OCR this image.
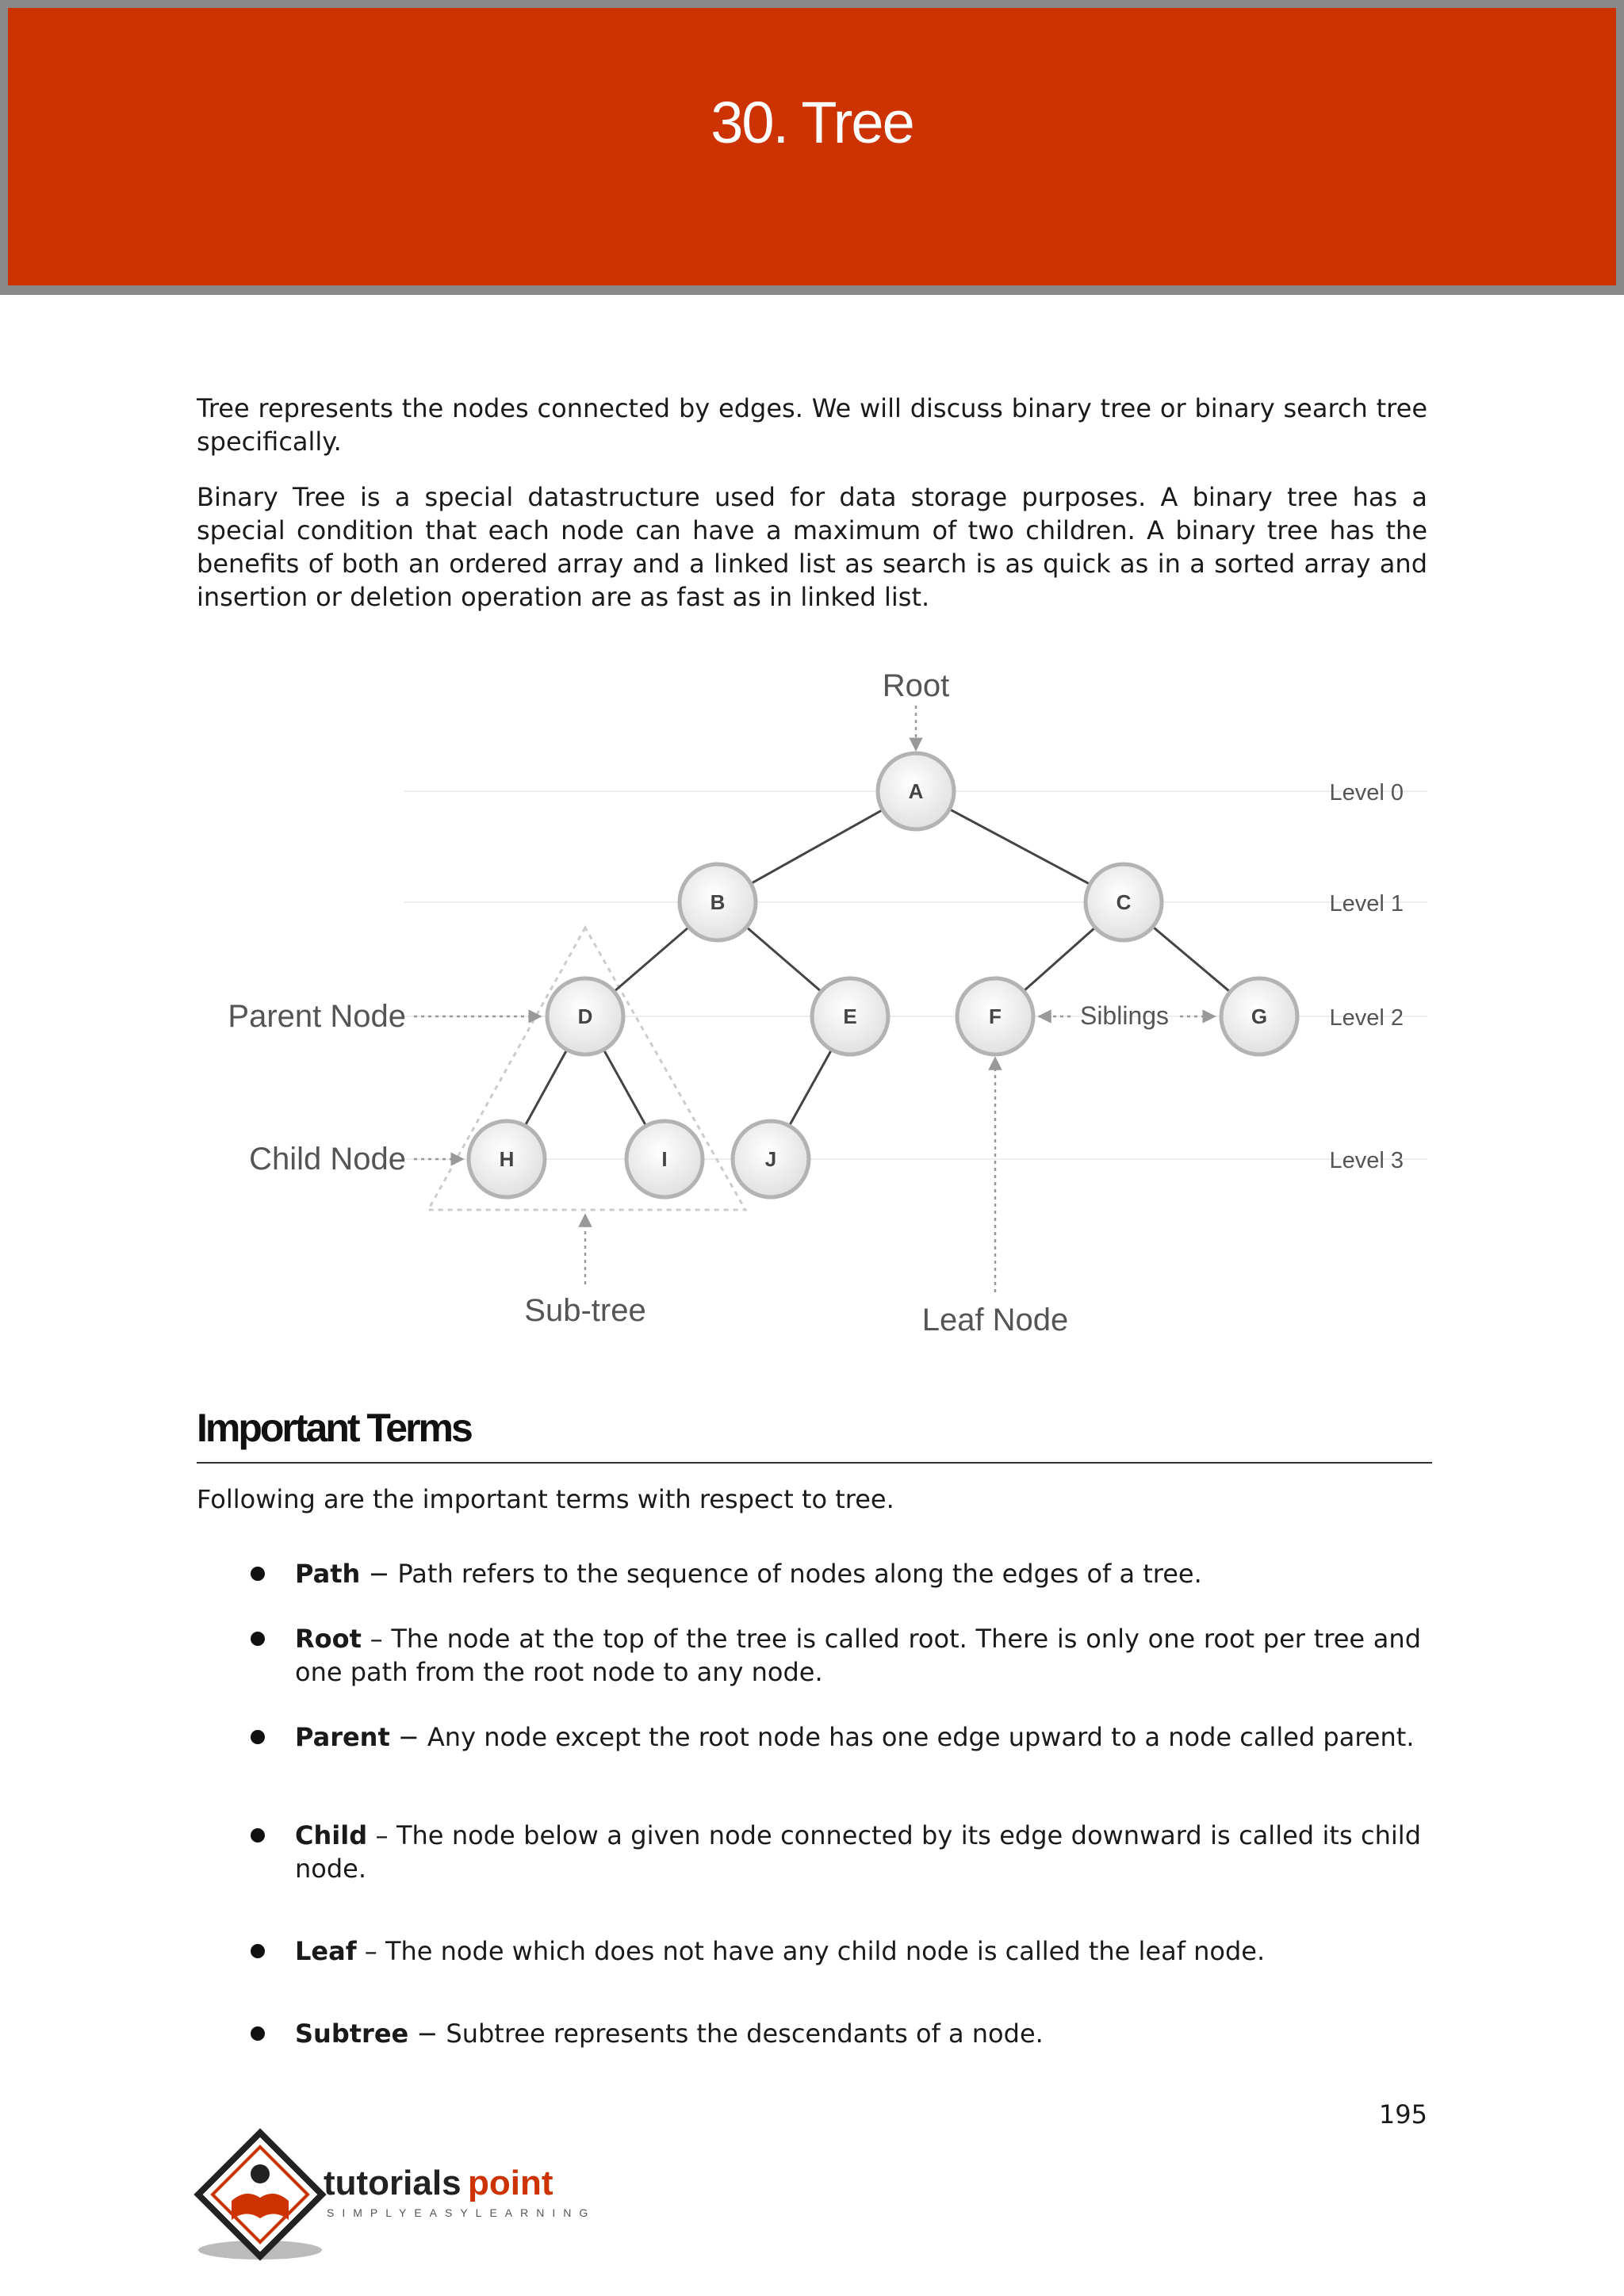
30. Tree

Tree represents the nodes connected by edges. We will discuss binary tree or binary search tree specifically.

Binary Tree is a special datastructure used for data storage purposes. A binary tree has a special condition that each node can have a maximum of two children. A binary tree has the benefits of both an ordered array and a linked list as search is as quick as in a sorted array and insertion or deletion operation are as fast as in linked list.

A
B	C
D	E	F	G
H	I	J
Root
Parent Node
Child Node
Siblings
Sub-tree	Leaf Node
Level 0
Level 1
Level 2
Level 3
Important Terms

Following are the important terms with respect to tree.

Path − Path refers to the sequence of nodes along the edges of a tree.
Root – The node at the top of the tree is called root. There is only one root per tree and one path from the root node to any node.
Parent − Any node except the root node has one edge upward to a node called parent.
Child – The node below a given node connected by its edge downward is called its child node.
Leaf – The node which does not have any child node is called the leaf node.
Subtree − Subtree represents the descendants of a node.
195
tutorials point
SIMPLYEASYLEARNING
